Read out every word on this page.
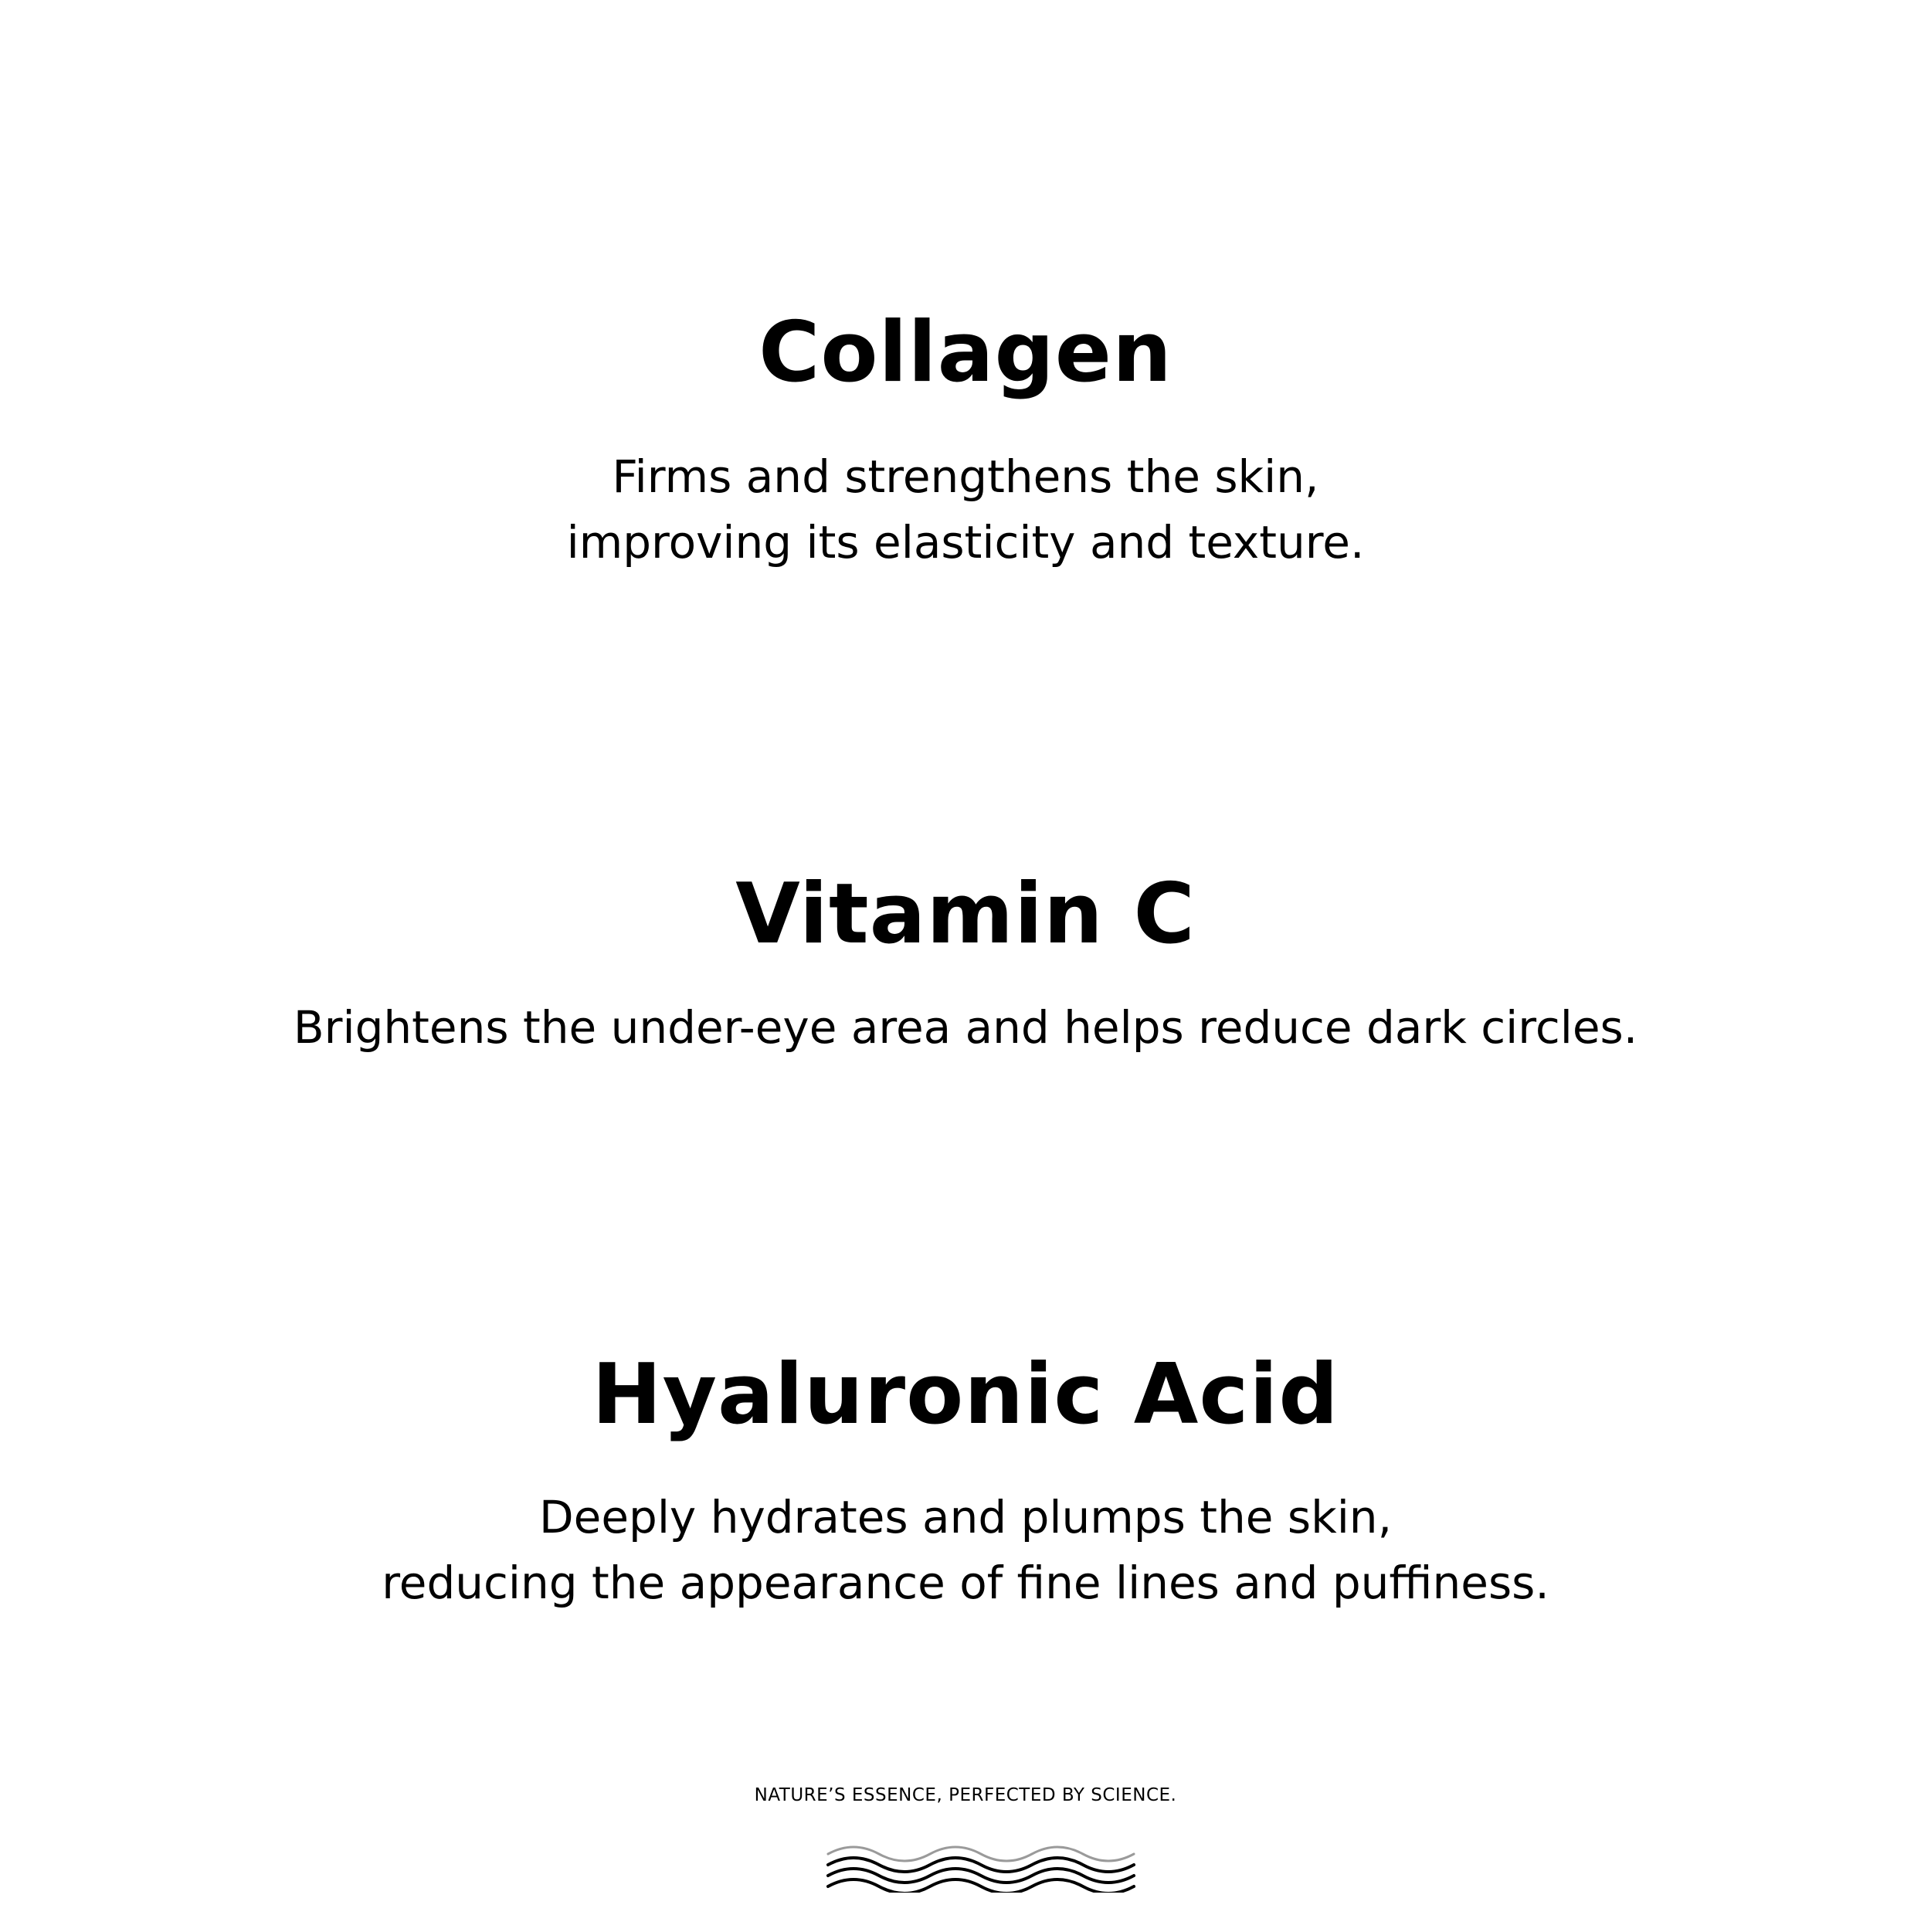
Collagen
Firms and strengthens the skin,
improving its elasticity and texture.
Vitamin C
Brightens the under-eye area and helps reduce dark circles.
Hyaluronic Acid
Deeply hydrates and plumps the skin,
reducing the appearance of fine lines and puffiness.
NATURE’S ESSENCE, PERFECTED BY SCIENCE.
